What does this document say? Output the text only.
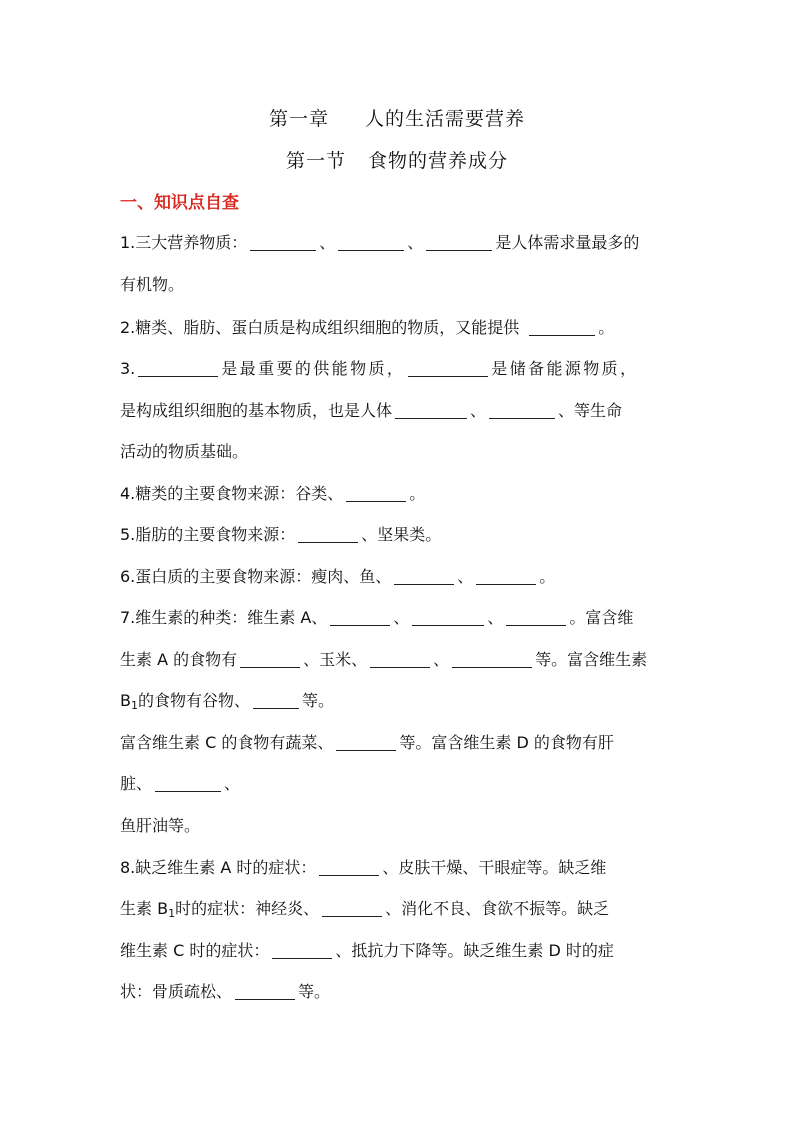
第一章 人的生活需要营养
第一节 食物的营养成分
一、知识点自查
1.三大营养物质：	、	、	是人体需求量最多的
有机物。
2.糖类、脂肪、蛋白质是构成组织细胞的物质，又能提供	。
3.	是最重要的供能物质，	是储备能源物质，
是构成组织细胞的基本物质，也是人体	、	、等生命
活动的物质基础。
4.糖类的主要食物来源：谷类、	。
5.脂肪的主要食物来源：	、坚果类。
6.蛋白质的主要食物来源：瘦肉、鱼、	、	。
7.维生素的种类：维生素 A、	、	、	。富含维
生素 A 的食物有	、玉米、	、	等。富含维生素
$B_1$的食物有谷物、	等。
富含维生素 C 的食物有蔬菜、	等。富含维生素 D 的食物有肝
脏、	、
鱼肝油等。
8.缺乏维生素 A 时的症状：	、皮肤干燥、干眼症等。缺乏维
生素 $B_1$时的症状：神经炎、	、消化不良、食欲不振等。缺乏
维生素 C 时的症状：	、抵抗力下降等。缺乏维生素 D 时的症
状：骨质疏松、	等。
